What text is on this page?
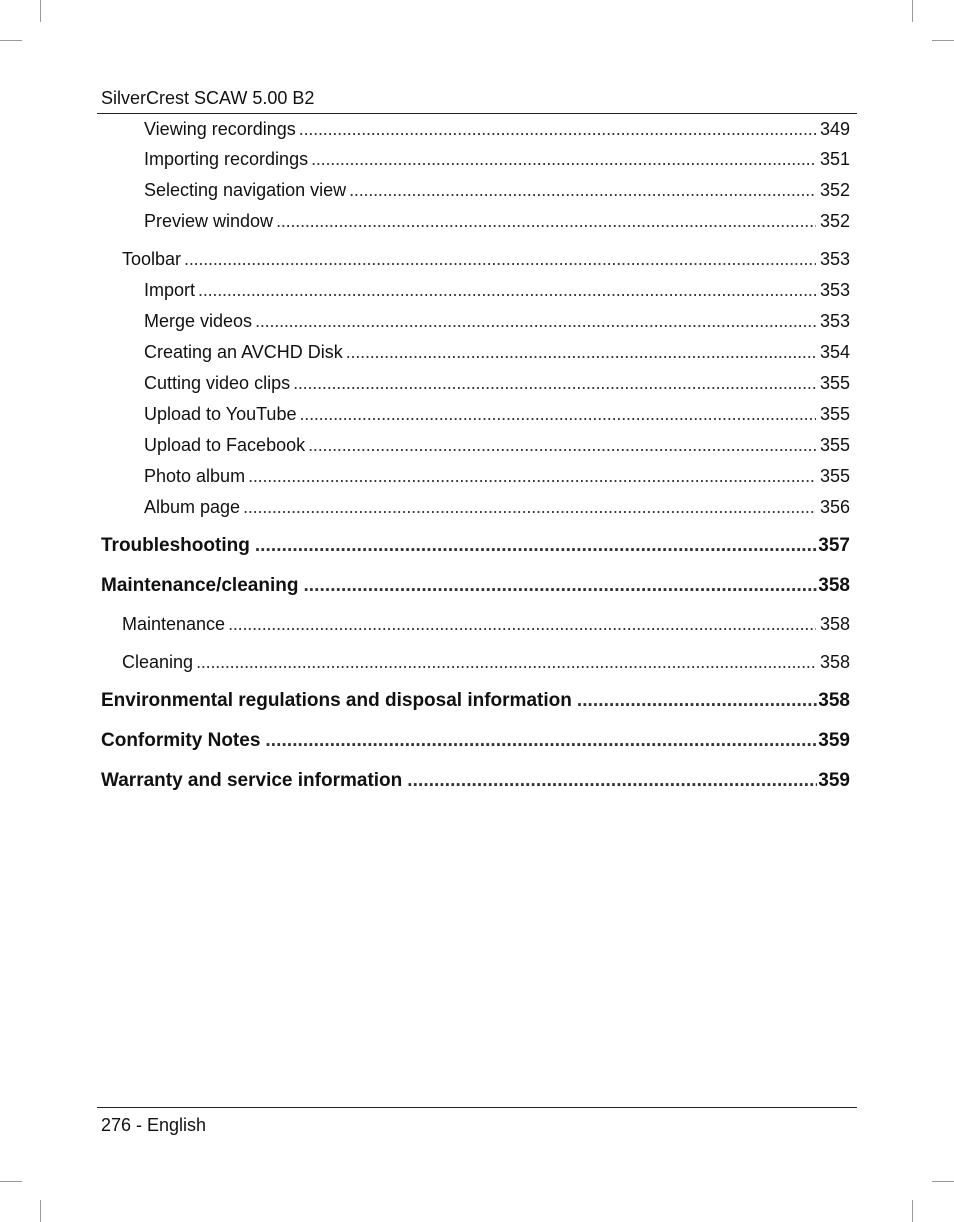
SilverCrest SCAW 5.00 B2
Viewing recordings . . .	349
Importing recordings . . .	351
Selecting navigation view . . .	352
Preview window . . .	352
Toolbar . . .	353
Import . . .	353
Merge videos . . .	353
Creating an AVCHD Disk . . .	354
Cutting video clips . . .	355
Upload to YouTube . . .	355
Upload to Facebook . . .	355
Photo album . . .	355
Album page . . .	356
Troubleshooting . . .	357
Maintenance/cleaning . . .	358
Maintenance . . .	358
Cleaning . . .	358
Environmental regulations and disposal information . . .	358
Conformity Notes . . .	359
Warranty and service information . . .	359
276 - English
